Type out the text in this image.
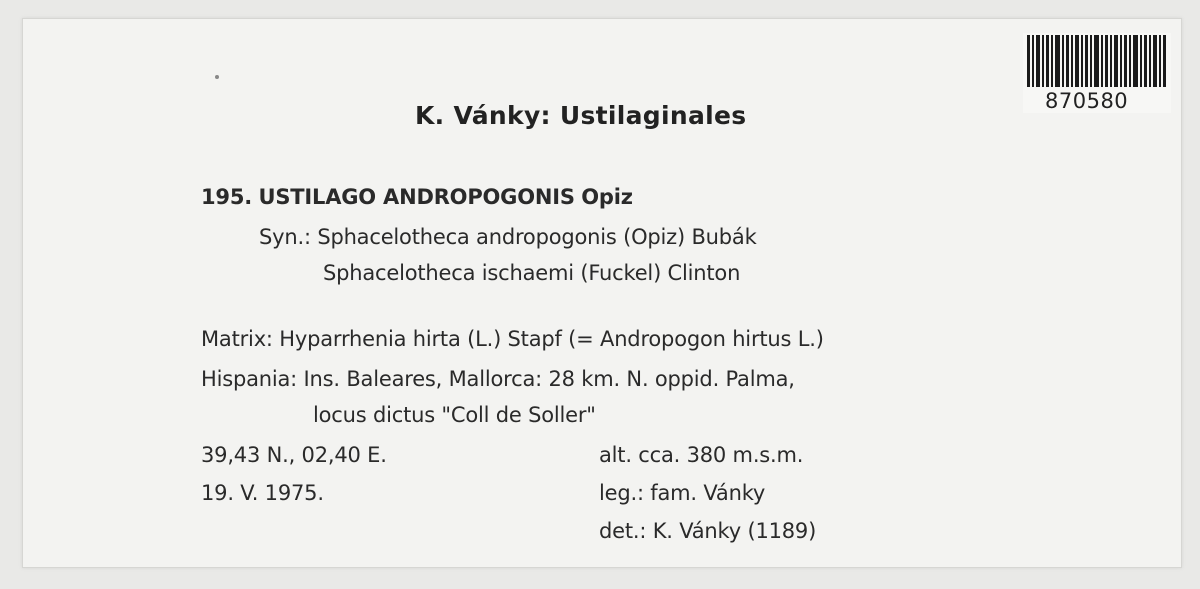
870580
K. Vánky: Ustilaginales
195. USTILAGO ANDROPOGONIS Opiz
Syn.: Sphacelotheca andropogonis (Opiz) Bubák
Sphacelotheca ischaemi (Fuckel) Clinton
Matrix: Hyparrhenia hirta (L.) Stapf (= Andropogon hirtus L.)
Hispania: Ins. Baleares, Mallorca: 28 km. N. oppid. Palma,
locus dictus "Coll de Soller"
39,43 N., 02,40 E.	alt. cca. 380 m.s.m.
19. V. 1975.	leg.: fam. Vánky
det.: K. Vánky (1189)
